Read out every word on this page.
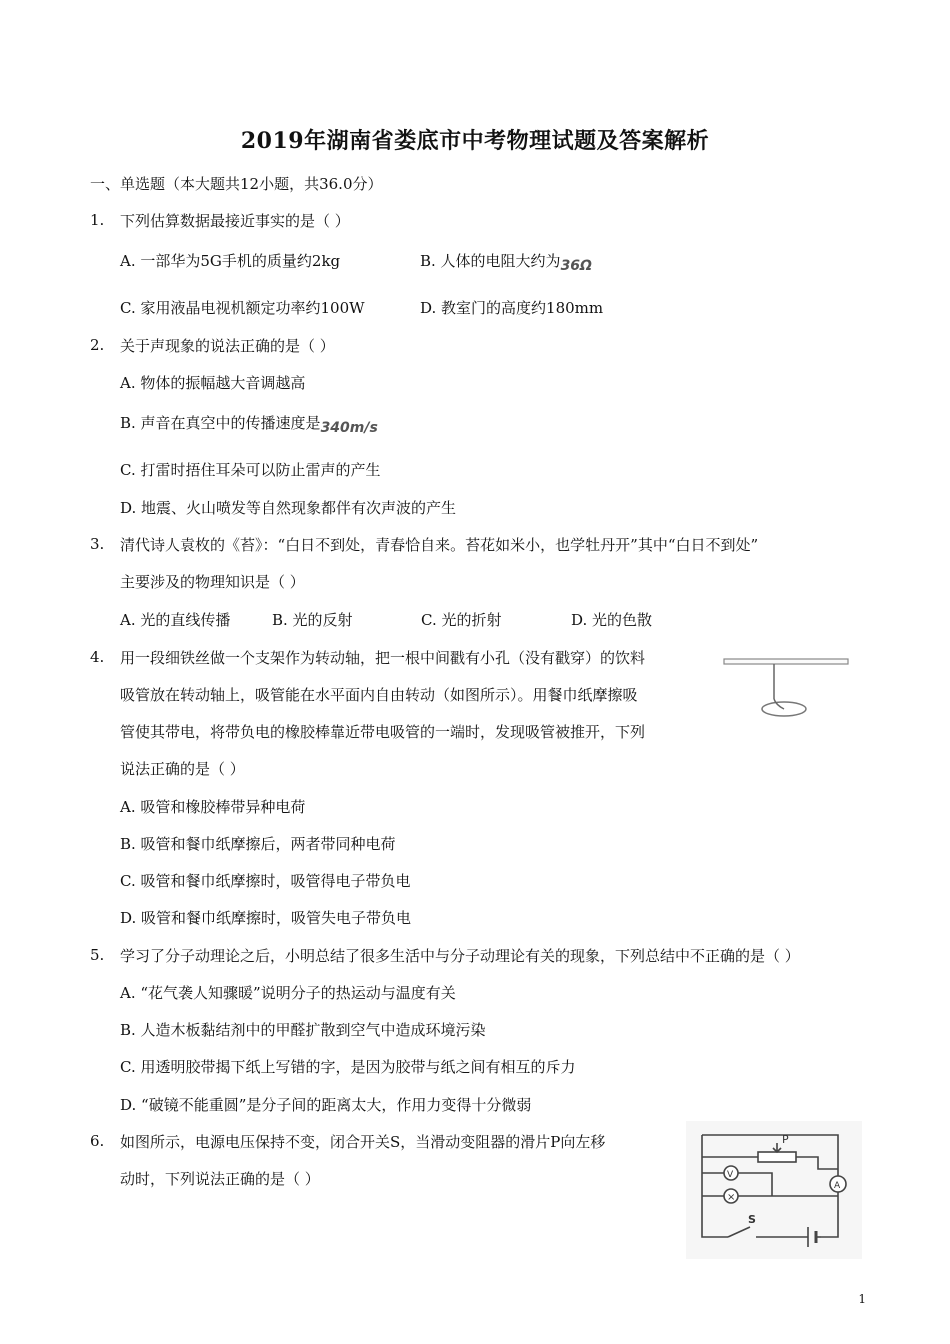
2019年湖南省娄底市中考物理试题及答案解析
一、单选题（本大题共12小题，共36.0分）
1. 下列估算数据最接近事实的是（ ）
A. 一部华为5G手机的质量约2kg	B. 人体的电阻大约为36Ω
C. 家用液晶电视机额定功率约100W	D. 教室门的高度约180mm
2. 关于声现象的说法正确的是（ ）
A. 物体的振幅越大音调越高
B. 声音在真空中的传播速度是340m/s
C. 打雷时捂住耳朵可以防止雷声的产生
D. 地震、火山喷发等自然现象都伴有次声波的产生
3. 清代诗人袁枚的《苔》：“白日不到处，青春恰自来。苔花如米小，也学牡丹开”其中“白日不到处”
主要涉及的物理知识是（ ）
A. 光的直线传播	B. 光的反射	C. 光的折射	D. 光的色散
4. 用一段细铁丝做一个支架作为转动轴，把一根中间戳有小孔（没有戳穿）的饮料
吸管放在转动轴上，吸管能在水平面内自由转动（如图所示）。用餐巾纸摩擦吸
管使其带电，将带负电的橡胶棒靠近带电吸管的一端时，发现吸管被推开，下列
说法正确的是（ ）
A. 吸管和橡胶棒带异种电荷
B. 吸管和餐巾纸摩擦后，两者带同种电荷
C. 吸管和餐巾纸摩擦时，吸管得电子带负电
D. 吸管和餐巾纸摩擦时，吸管失电子带负电
5. 学习了分子动理论之后，小明总结了很多生活中与分子动理论有关的现象，下列总结中不正确的是（ ）
A. “花气袭人知骤暖”说明分子的热运动与温度有关
B. 人造木板黏结剂中的甲醛扩散到空气中造成环境污染
C. 用透明胶带揭下纸上写错的字，是因为胶带与纸之间有相互的斥力
D. “破镜不能重圆”是分子间的距离太大，作用力变得十分微弱
6. 如图所示，电源电压保持不变，闭合开关S，当滑动变阻器的滑片P向左移
动时，下列说法正确的是（ ）
P
V
×
A
S
1
